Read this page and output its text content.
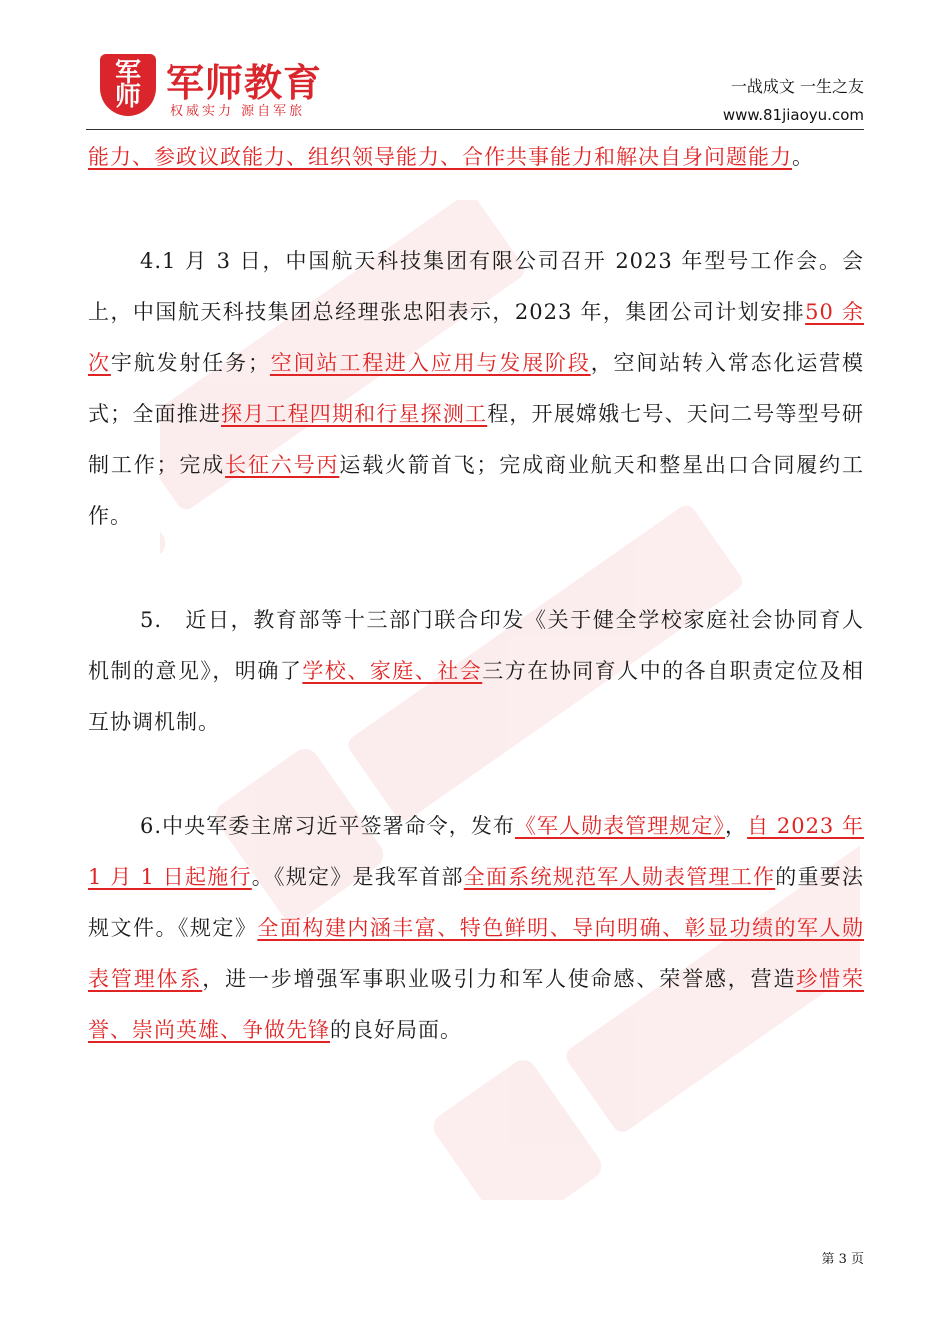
军师 军师教育
权威实力 源自军旅
一战成文 一生之友
www.81jiaoyu.com

能力、参政议政能力、组织领导能力、合作共事能力和解决自身问题能力。

4.1 月 3 日，中国航天科技集团有限公司召开 2023 年型号工作会。会上，中国航天科技集团总经理张忠阳表示，2023 年，集团公司计划安排50 余次宇航发射任务；空间站工程进入应用与发展阶段，空间站转入常态化运营模式；全面推进探月工程四期和行星探测工程，开展嫦娥七号、天问二号等型号研制工作；完成长征六号丙运载火箭首飞；完成商业航天和整星出口合同履约工作。

5.　近日，教育部等十三部门联合印发《关于健全学校家庭社会协同育人机制的意见》，明确了学校、家庭、社会三方在协同育人中的各自职责定位及相互协调机制。

6.中央军委主席习近平签署命令，发布《军人勋表管理规定》，自 2023 年 1 月 1 日起施行。《规定》是我军首部全面系统规范军人勋表管理工作的重要法规文件。《规定》全面构建内涵丰富、特色鲜明、导向明确、彰显功绩的军人勋表管理体系，进一步增强军事职业吸引力和军人使命感、荣誉感，营造珍惜荣誉、崇尚英雄、争做先锋的良好局面。

第 3 页
